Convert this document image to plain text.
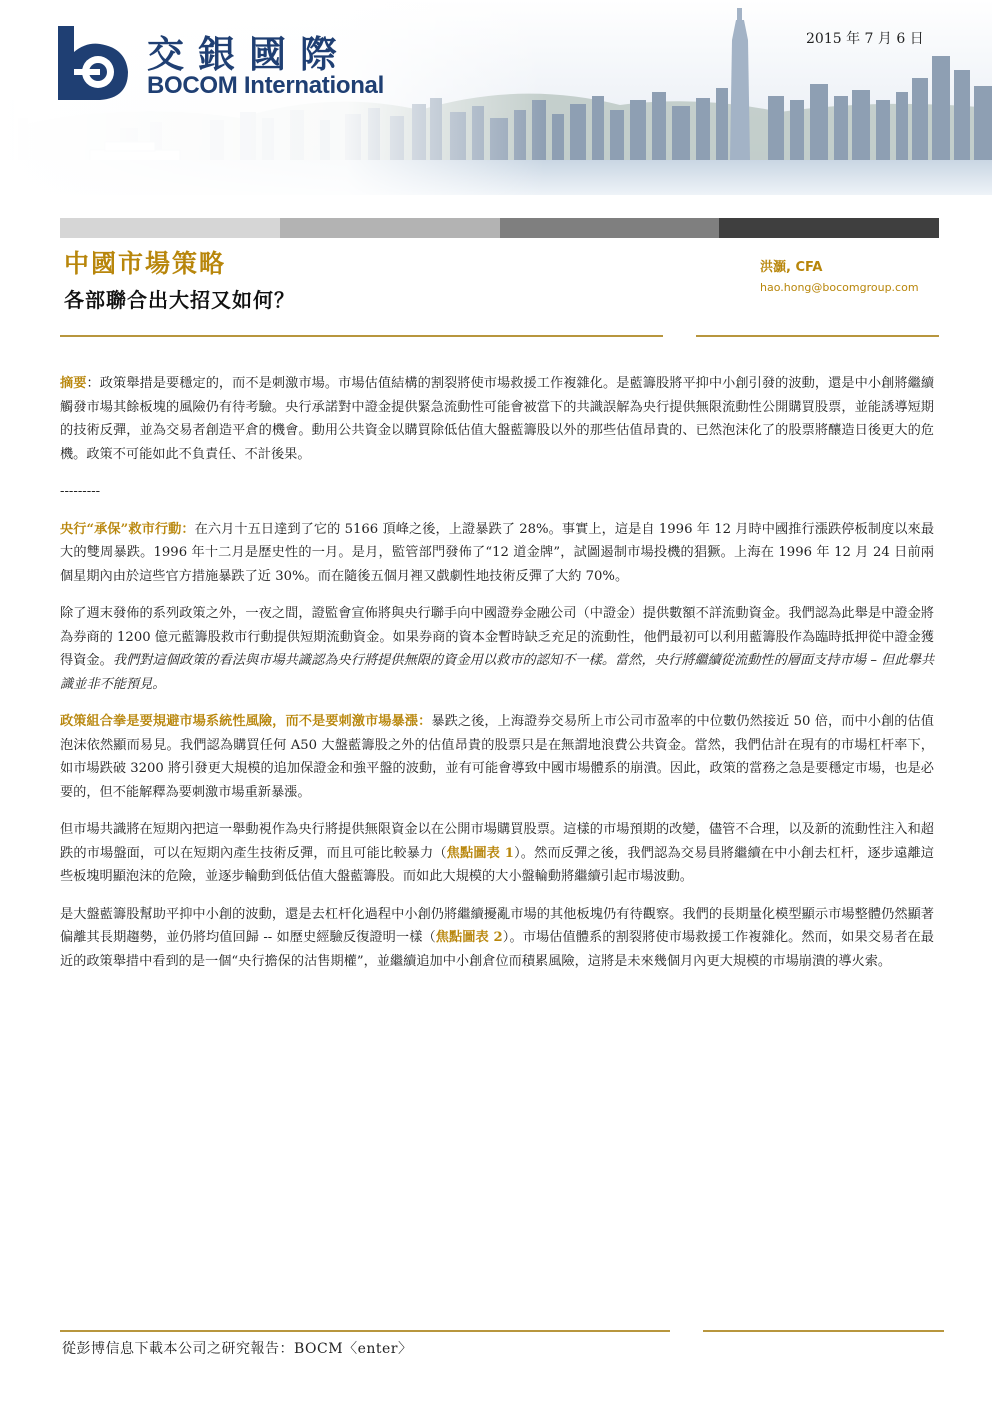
交銀國際
BOCOM International
2015 年 7 月 6 日
中國市場策略
各部聯合出大招又如何？
洪灝, CFA
hao.hong@bocomgroup.com

摘要：政策舉措是要穩定的，而不是刺激市場。市場估值結構的割裂將使市場救援工作複雜化。是藍籌股將平抑中小創引發的波動，還是中小創將繼續觸發市場其餘板塊的風險仍有待考驗。央行承諾對中證金提供緊急流動性可能會被當下的共識誤解為央行提供無限流動性公開購買股票，並能誘導短期的技術反彈，並為交易者創造平倉的機會。動用公共資金以購買除低估值大盤藍籌股以外的那些估值昂貴的、已然泡沫化了的股票將釀造日後更大的危機。政策不可能如此不負責任、不計後果。

---------

央行“承保”救市行動：在六月十五日達到了它的 5166 頂峰之後，上證暴跌了 28%。事實上，這是自 1996 年 12 月時中國推行漲跌停板制度以來最大的雙周暴跌。1996 年十二月是歷史性的一月。是月，監管部門發佈了“12 道金牌”，試圖遏制市場投機的猖獗。上海在 1996 年 12 月 24 日前兩個星期內由於這些官方措施暴跌了近 30%。而在隨後五個月裡又戲劇性地技術反彈了大約 70%。

除了週末發佈的系列政策之外，一夜之間，證監會宣佈將與央行聯手向中國證券金融公司（中證金）提供數額不詳流動資金。我們認為此舉是中證金將為券商的 1200 億元藍籌股救市行動提供短期流動資金。如果券商的資本金暫時缺乏充足的流動性，他們最初可以利用藍籌股作為臨時抵押從中證金獲得資金。我們對這個政策的看法與市場共識認為央行將提供無限的資金用以救市的認知不一樣。當然，央行將繼續從流動性的層面支持市場 – 但此舉共識並非不能預見。

政策組合拳是要規避市場系統性風險，而不是要刺激市場暴漲：暴跌之後，上海證券交易所上市公司市盈率的中位數仍然接近 50 倍，而中小創的估值泡沫依然顯而易見。我們認為購買任何 A50 大盤藍籌股之外的估值昂貴的股票只是在無謂地浪費公共資金。當然，我們估計在現有的市場杠杆率下，如市場跌破 3200 將引發更大規模的追加保證金和強平盤的波動，並有可能會導致中國市場體系的崩潰。因此，政策的當務之急是要穩定市場，也是必要的，但不能解釋為要刺激市場重新暴漲。

但市場共識將在短期內把這一舉動視作為央行將提供無限資金以在公開市場購買股票。這樣的市場預期的改變，儘管不合理，以及新的流動性注入和超跌的市場盤面，可以在短期內產生技術反彈，而且可能比較暴力（焦點圖表 1）。然而反彈之後，我們認為交易員將繼續在中小創去杠杆，逐步遠離這些板塊明顯泡沫的危險，並逐步輪動到低估值大盤藍籌股。而如此大規模的大小盤輪動將繼續引起市場波動。

是大盤藍籌股幫助平抑中小創的波動，還是去杠杆化過程中小創仍將繼續擾亂市場的其他板塊仍有待觀察。我們的長期量化模型顯示市場整體仍然顯著偏離其長期趨勢，並仍將均值回歸 -- 如歷史經驗反復證明一樣（焦點圖表 2）。市場估值體系的割裂將使市場救援工作複雜化。然而，如果交易者在最近的政策舉措中看到的是一個“央行擔保的沽售期權”，並繼續追加中小創倉位而積累風險，這將是未來幾個月內更大規模的市場崩潰的導火索。

從彭博信息下載本公司之研究報告：BOCM〈enter〉
